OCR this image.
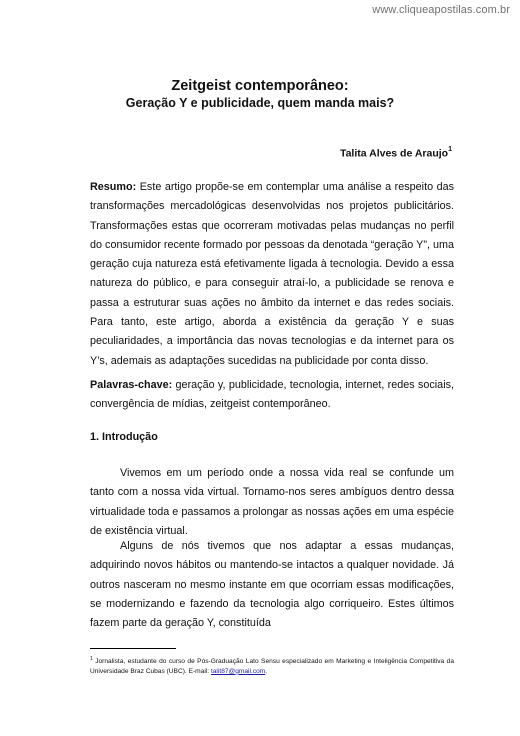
www.cliqueapostilas.com.br
Zeitgeist contemporâneo:
Geração Y e publicidade, quem manda mais?
Talita Alves de Araujo$^1$

Resumo: Este artigo propõe-se em contemplar uma análise a respeito das transformações mercadológicas desenvolvidas nos projetos publicitários. Transformações estas que ocorreram motivadas pelas mudanças no perfil do consumidor recente formado por pessoas da denotada “geração Y”, uma geração cuja natureza está efetivamente ligada à tecnologia. Devido a essa natureza do público, e para conseguir atraí-lo, a publicidade se renova e passa a estruturar suas ações no âmbito da internet e das redes sociais. Para tanto, este artigo, aborda a existência da geração Y e suas peculiaridades, a importância das novas tecnologias e da internet para os Y’s, ademais as adaptações sucedidas na publicidade por conta disso.

Palavras-chave: geração y, publicidade, tecnologia, internet, redes sociais, convergência de mídias, zeitgeist contemporâneo.

1. Introdução

Vivemos em um período onde a nossa vida real se confunde um tanto com a nossa vida virtual. Tornamo-nos seres ambíguos dentro dessa virtualidade toda e passamos a prolongar as nossas ações em uma espécie de existência virtual.

Alguns de nós tivemos que nos adaptar a essas mudanças, adquirindo novos hábitos ou mantendo-se intactos a qualquer novidade. Já outros nasceram no mesmo instante em que ocorriam essas modificações, se modernizando e fazendo da tecnologia algo corriqueiro. Estes últimos fazem parte da geração Y, constituída

$^1$ Jornalista, estudante do curso de Pós-Graduação Lato Sensu especializado em Marketing e Inteligência Competitiva da Universidade Braz Cubas (UBC). E-mail: talit87@gmail.com.
